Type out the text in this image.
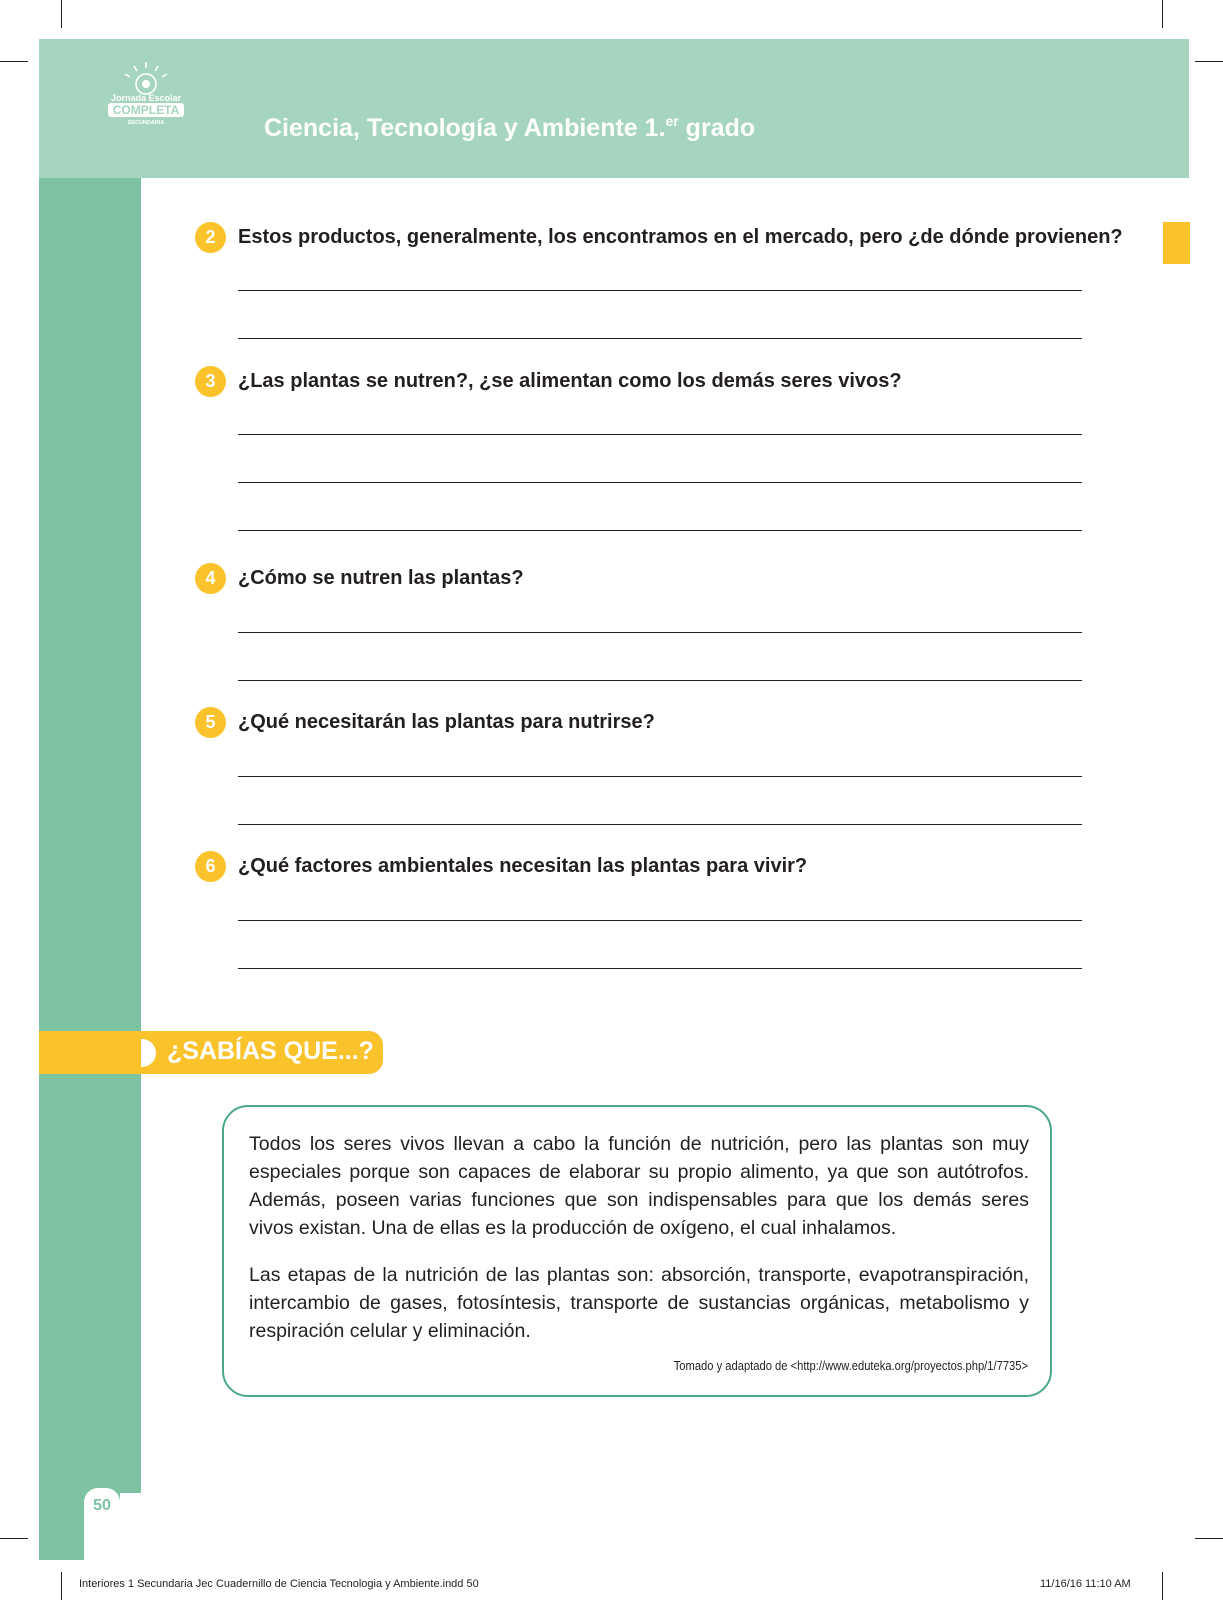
Jornada Escolar
COMPLETA
SECUNDARIA	Ciencia, Tecnología y Ambiente 1.$^{er}$ grado
50
2	Estos productos, generalmente, los encontramos en el mercado, pero ¿de dónde provienen?
3	¿Las plantas se nutren?, ¿se alimentan como los demás seres vivos?
4	¿Cómo se nutren las plantas?
5	¿Qué necesitarán las plantas para nutrirse?
6	¿Qué factores ambientales necesitan las plantas para vivir?
¿SABÍAS QUE...?

Todos los seres vivos llevan a cabo la función de nutrición, pero las plantas son muy especiales porque son capaces de elaborar su propio alimento, ya que son autótrofos. Además, poseen varias funciones que son indispensables para que los demás seres vivos existan. Una de ellas es la producción de oxígeno, el cual inhalamos.

Las etapas de la nutrición de las plantas son: absorción, transporte, evapotranspiración, intercambio de gases, fotosíntesis, transporte de sustancias orgánicas, metabolismo y respiración celular y eliminación.

Tomado y adaptado de <http://www.eduteka.org/proyectos.php/1/7735>
Interiores 1 Secundaria Jec Cuadernillo de Ciencia Tecnologia y Ambiente.indd 50	11/16/16 11:10 AM
